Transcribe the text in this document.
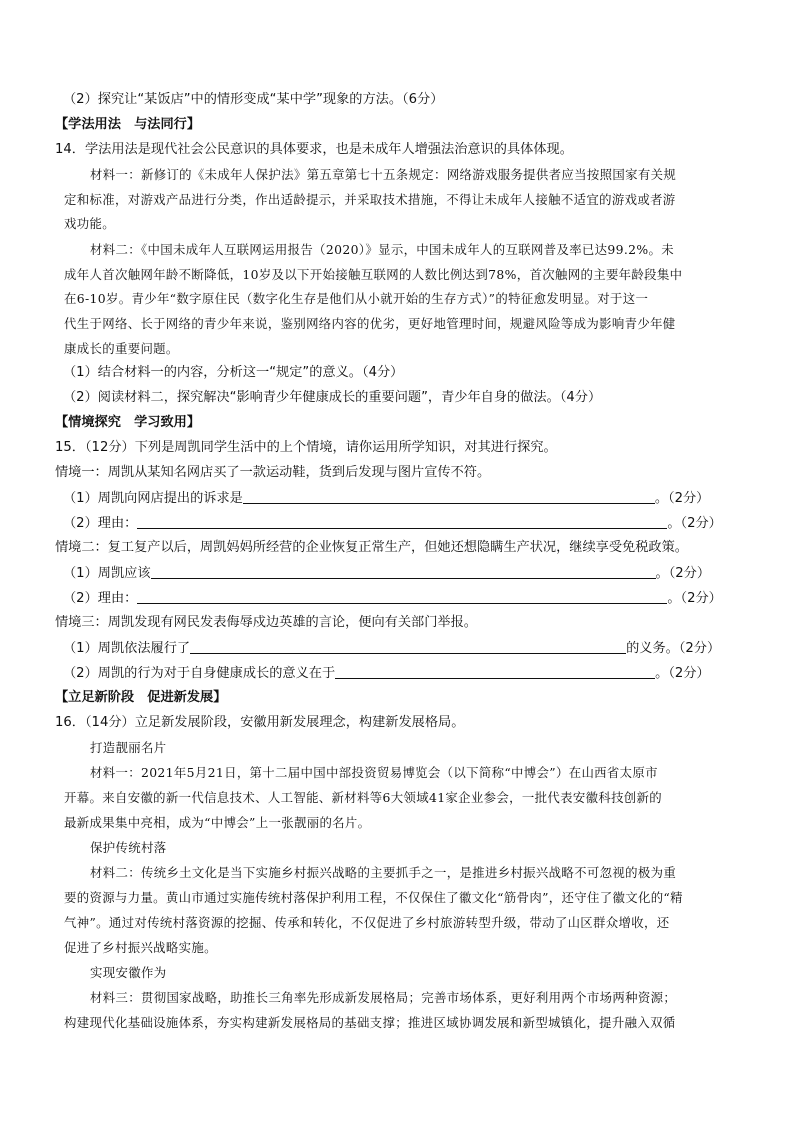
（2）探究让“某饭店”中的情形变成“某中学”现象的方法。（6分）
【学法用法　与法同行】
14．学法用法是现代社会公民意识的具体要求，也是未成年人增强法治意识的具体体现。
材料一：新修订的《未成年人保护法》第五章第七十五条规定：网络游戏服务提供者应当按照国家有关规
定和标准，对游戏产品进行分类，作出适龄提示，并采取技术措施，不得让未成年人接触不适宜的游戏或者游
戏功能。
材料二：《中国未成年人互联网运用报告（2020）》显示，中国未成年人的互联网普及率已达99.2%。未
成年人首次触网年龄不断降低，10岁及以下开始接触互联网的人数比例达到78%，首次触网的主要年龄段集中
在6-10岁。青少年“数字原住民（数字化生存是他们从小就开始的生存方式）”的特征愈发明显。对于这一
代生于网络、长于网络的青少年来说，鉴别网络内容的优劣，更好地管理时间，规避风险等成为影响青少年健
康成长的重要问题。
（1）结合材料一的内容，分析这一“规定”的意义。（4分）
（2）阅读材料二，探究解决“影响青少年健康成长的重要问题”，青少年自身的做法。（4分）
【情境探究　学习致用】
15．（12分）下列是周凯同学生活中的上个情境，请你运用所学知识，对其进行探究。
情境一：周凯从某知名网店买了一款运动鞋，货到后发现与图片宣传不符。
（1）周凯向网店提出的诉求是	。（2分）
（2）理由：	。（2分）
情境二：复工复产以后，周凯妈妈所经营的企业恢复正常生产，但她还想隐瞒生产状况，继续享受免税政策。
（1）周凯应该	。（2分）
（2）理由：	。（2分）
情境三：周凯发现有网民发表侮辱戍边英雄的言论，便向有关部门举报。
（1）周凯依法履行了	的义务。（2分）
（2）周凯的行为对于自身健康成长的意义在于	。（2分）
【立足新阶段　促进新发展】
16．（14分）立足新发展阶段，安徽用新发展理念，构建新发展格局。
打造靓丽名片
材料一：2021年5月21日，第十二届中国中部投资贸易博览会（以下简称“中博会”）在山西省太原市
开幕。来自安徽的新一代信息技术、人工智能、新材料等6大领域41家企业参会，一批代表安徽科技创新的
最新成果集中亮相，成为“中博会”上一张靓丽的名片。
保护传统村落
材料二：传统乡土文化是当下实施乡村振兴战略的主要抓手之一，是推进乡村振兴战略不可忽视的极为重
要的资源与力量。黄山市通过实施传统村落保护利用工程，不仅保住了徽文化“筋骨肉”，还守住了徽文化的“精
气神”。通过对传统村落资源的挖掘、传承和转化，不仅促进了乡村旅游转型升级，带动了山区群众增收，还
促进了乡村振兴战略实施。
实现安徽作为
材料三：贯彻国家战略，助推长三角率先形成新发展格局；完善市场体系，更好利用两个市场两种资源；
构建现代化基础设施体系，夯实构建新发展格局的基础支撑；推进区域协调发展和新型城镇化，提升融入双循
